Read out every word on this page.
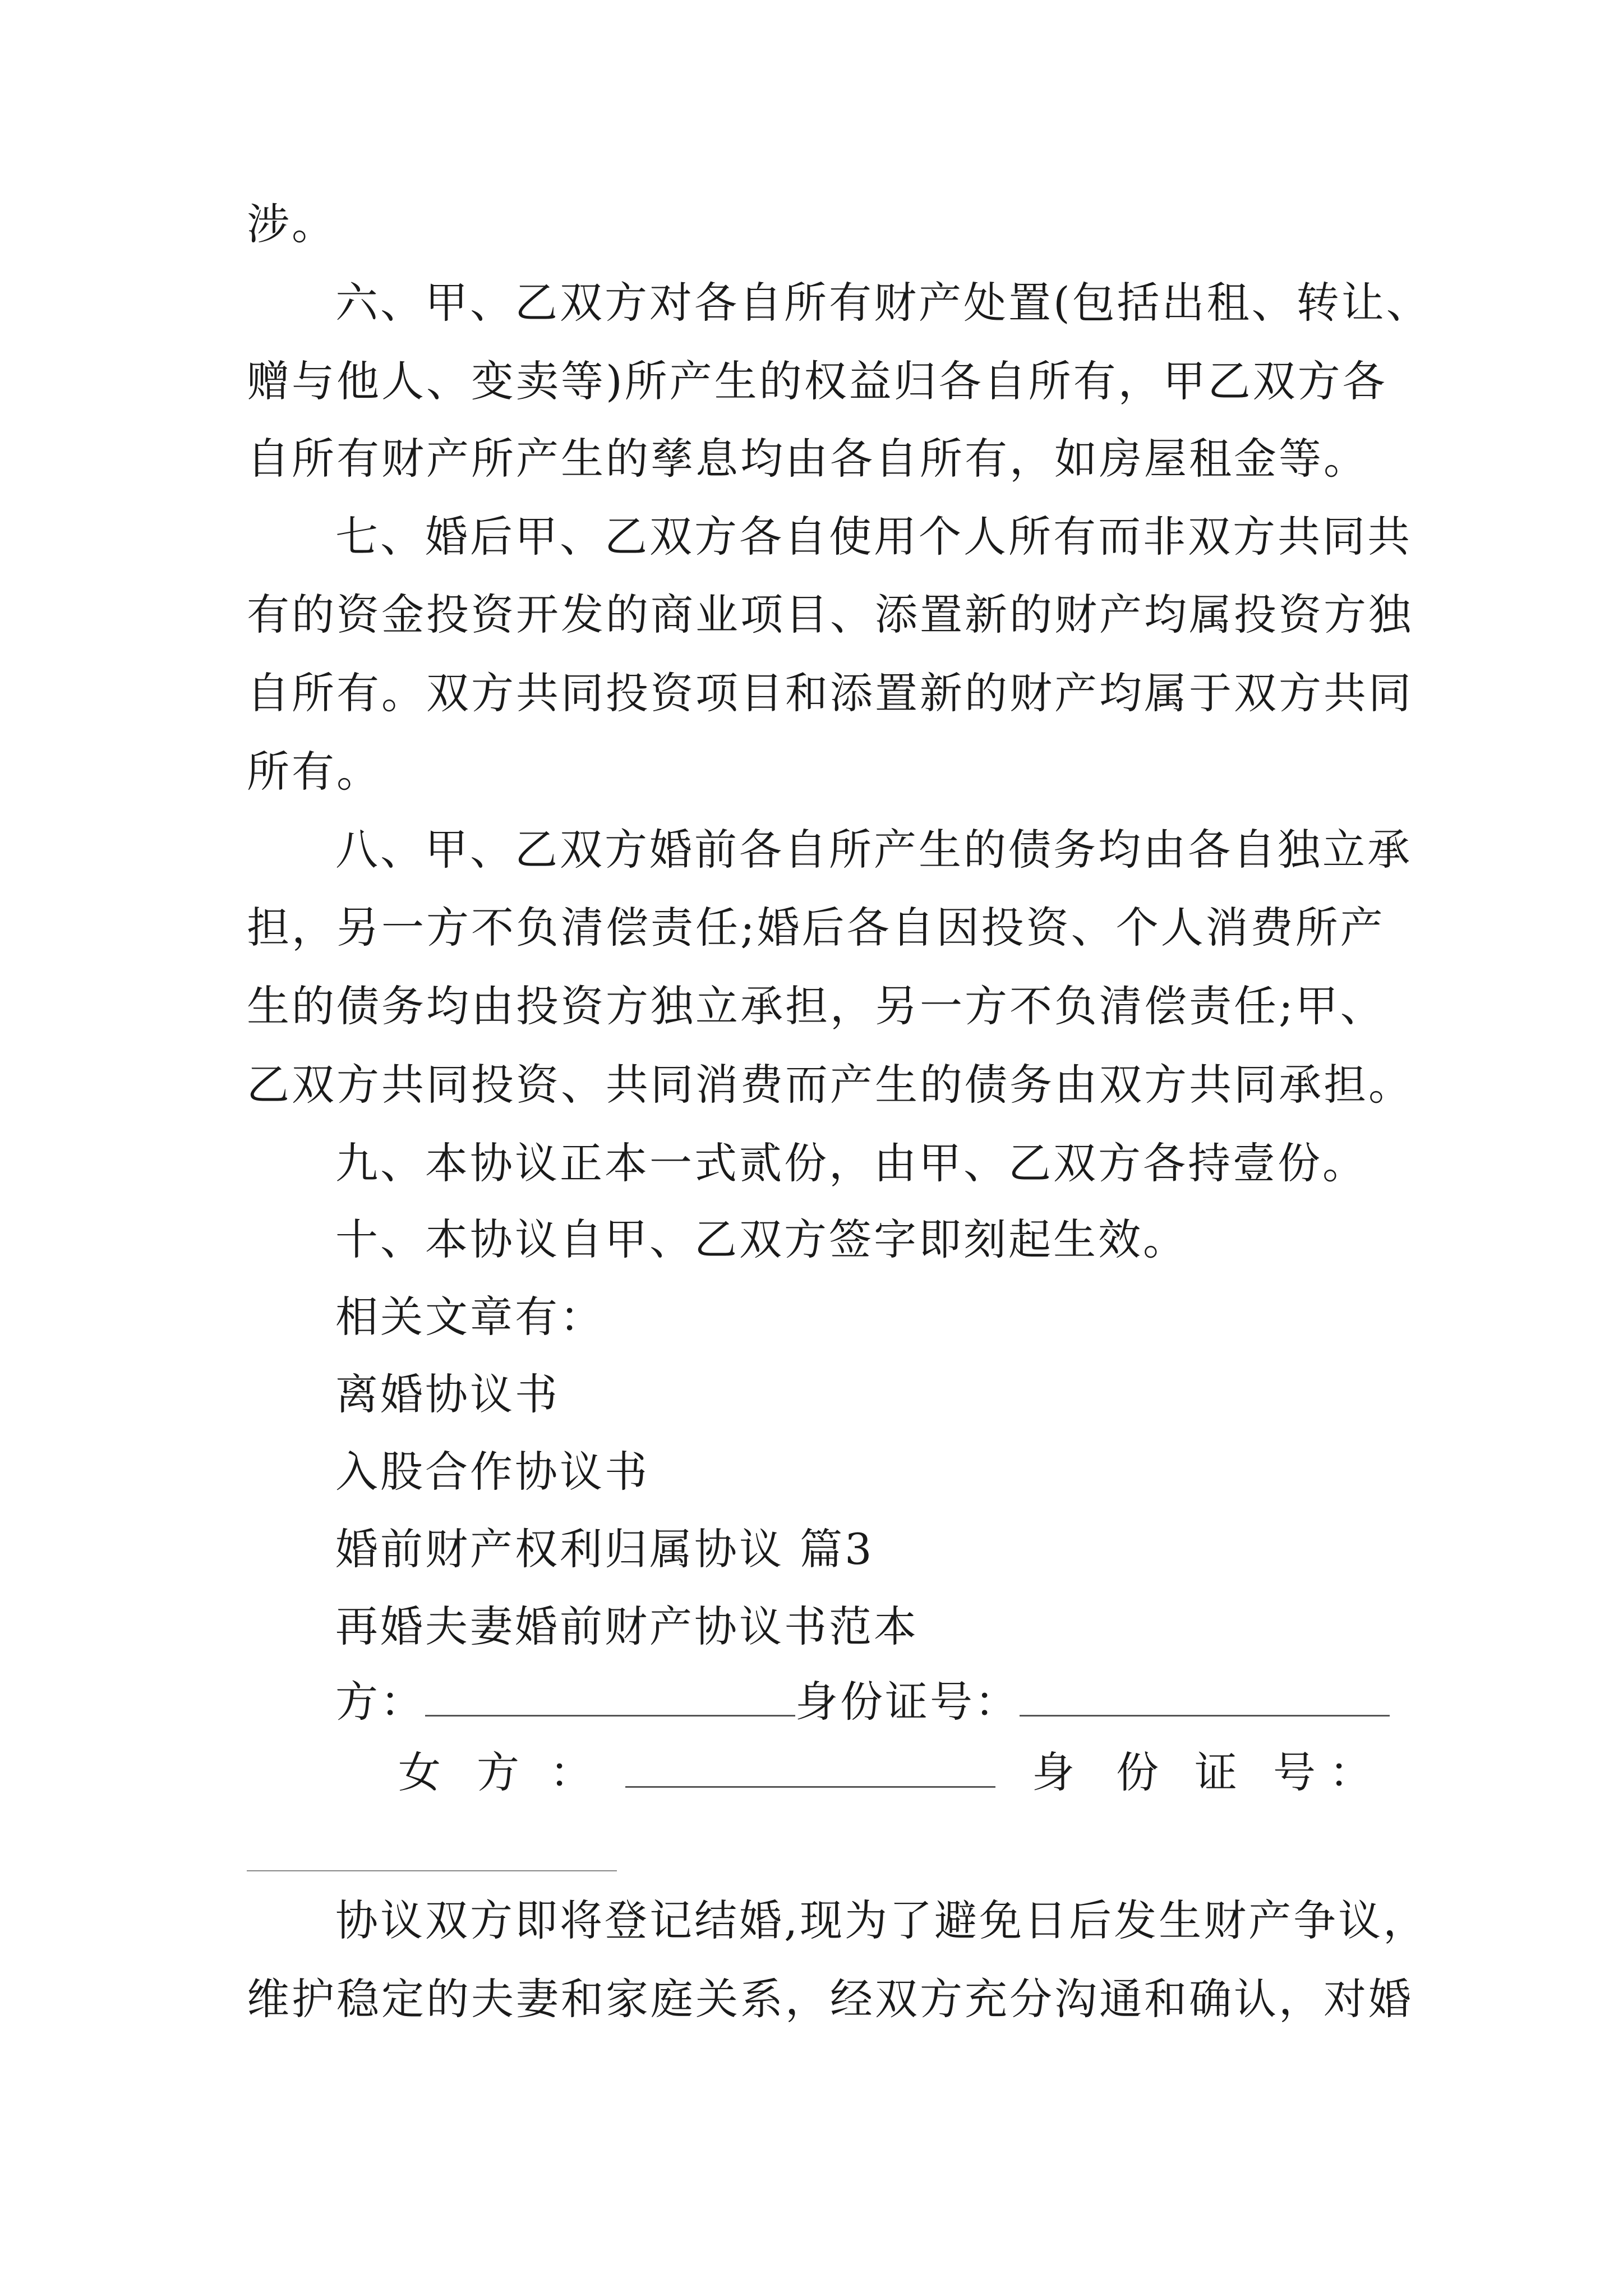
涉。
六、甲、乙双方对各自所有财产处置(包括出租、转让、
赠与他人、变卖等)所产生的权益归各自所有，甲乙双方各
自所有财产所产生的孳息均由各自所有，如房屋租金等。
七、婚后甲、乙双方各自使用个人所有而非双方共同共
有的资金投资开发的商业项目、添置新的财产均属投资方独
自所有。双方共同投资项目和添置新的财产均属于双方共同
所有。
八、甲、乙双方婚前各自所产生的债务均由各自独立承
担，另一方不负清偿责任;婚后各自因投资、个人消费所产
生的债务均由投资方独立承担，另一方不负清偿责任;甲、
乙双方共同投资、共同消费而产生的债务由双方共同承担。
九、本协议正本一式贰份，由甲、乙双方各持壹份。
十、本协议自甲、乙双方签字即刻起生效。
相关文章有：
离婚协议书
入股合作协议书
婚前财产权利归属协议 篇3
再婚夫妻婚前财产协议书范本
方：	身份证号：
女 方 ：	身 份 证 号 ：
协议双方即将登记结婚,现为了避免日后发生财产争议，
维护稳定的夫妻和家庭关系，经双方充分沟通和确认，对婚
